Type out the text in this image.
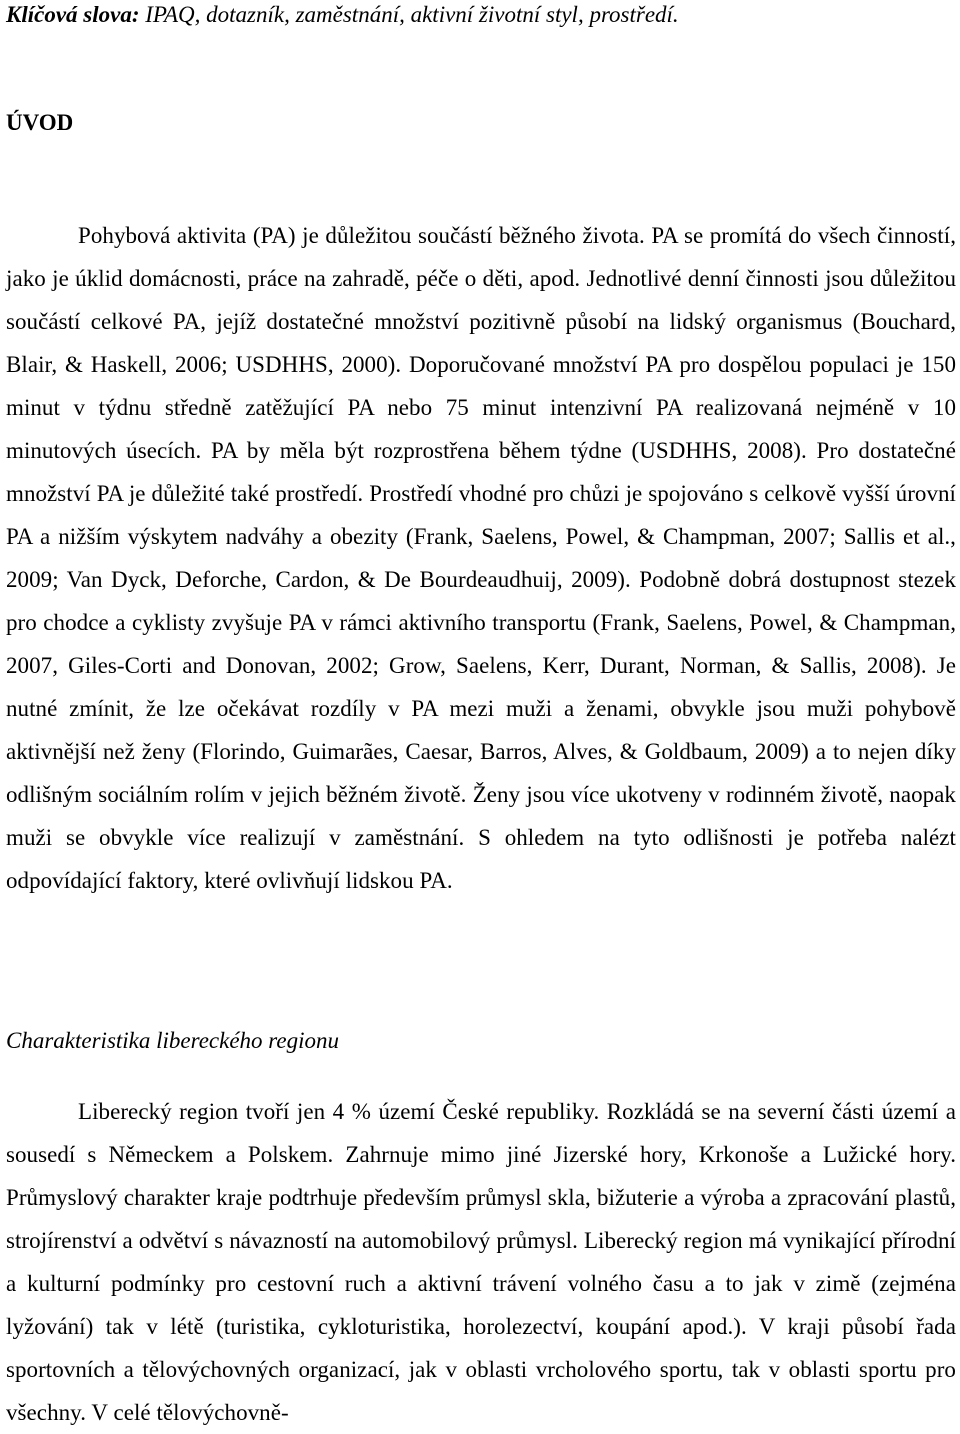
Klíčová slova: IPAQ, dotazník, zaměstnání, aktivní životní styl, prostředí.
ÚVOD

Pohybová aktivita (PA) je důležitou součástí běžného života. PA se promítá do všech činností, jako je úklid domácnosti, práce na zahradě, péče o děti, apod. Jednotlivé denní činnosti jsou důležitou součástí celkové PA, jejíž dostatečné množství pozitivně působí na lidský organismus (Bouchard, Blair, & Haskell, 2006; USDHHS, 2000). Doporučované množství PA pro dospělou populaci je 150 minut v týdnu středně zatěžující PA nebo 75 minut intenzivní PA realizovaná nejméně v 10 minutových úsecích. PA by měla být rozprostřena během týdne (USDHHS, 2008). Pro dostatečné množství PA je důležité také prostředí. Prostředí vhodné pro chůzi je spojováno s celkově vyšší úrovní PA a nižším výskytem nadváhy a obezity (Frank, Saelens, Powel, & Champman, 2007; Sallis et al., 2009; Van Dyck, Deforche, Cardon, & De Bourdeaudhuij, 2009). Podobně dobrá dostupnost stezek pro chodce a cyklisty zvyšuje PA v rámci aktivního transportu (Frank, Saelens, Powel, & Champman, 2007, Giles-Corti and Donovan, 2002; Grow, Saelens, Kerr, Durant, Norman, & Sallis, 2008). Je nutné zmínit, že lze očekávat rozdíly v PA mezi muži a ženami, obvykle jsou muži pohybově aktivnější než ženy (Florindo, Guimarães, Caesar, Barros, Alves, & Goldbaum, 2009) a to nejen díky odlišným sociálním rolím v jejich běžném životě. Ženy jsou více ukotveny v rodinném životě, naopak muži se obvykle více realizují v zaměstnání. S ohledem na tyto odlišnosti je potřeba nalézt odpovídající faktory, které ovlivňují lidskou PA.

Charakteristika libereckého regionu

Liberecký region tvoří jen 4 % území České republiky. Rozkládá se na severní části území a sousedí s Německem a Polskem. Zahrnuje mimo jiné Jizerské hory, Krkonoše a Lužické hory. Průmyslový charakter kraje podtrhuje především průmysl skla, bižuterie a výroba a zpracování plastů, strojírenství a odvětví s návazností na automobilový průmysl. Liberecký region má vynikající přírodní a kulturní podmínky pro cestovní ruch a aktivní trávení volného času a to jak v zimě (zejména lyžování) tak v létě (turistika, cykloturistika, horolezectví, koupání apod.). V kraji působí řada sportovních a tělovýchovných organizací, jak v oblasti vrcholového sportu, tak v oblasti sportu pro všechny. V celé tělovýchovně-
